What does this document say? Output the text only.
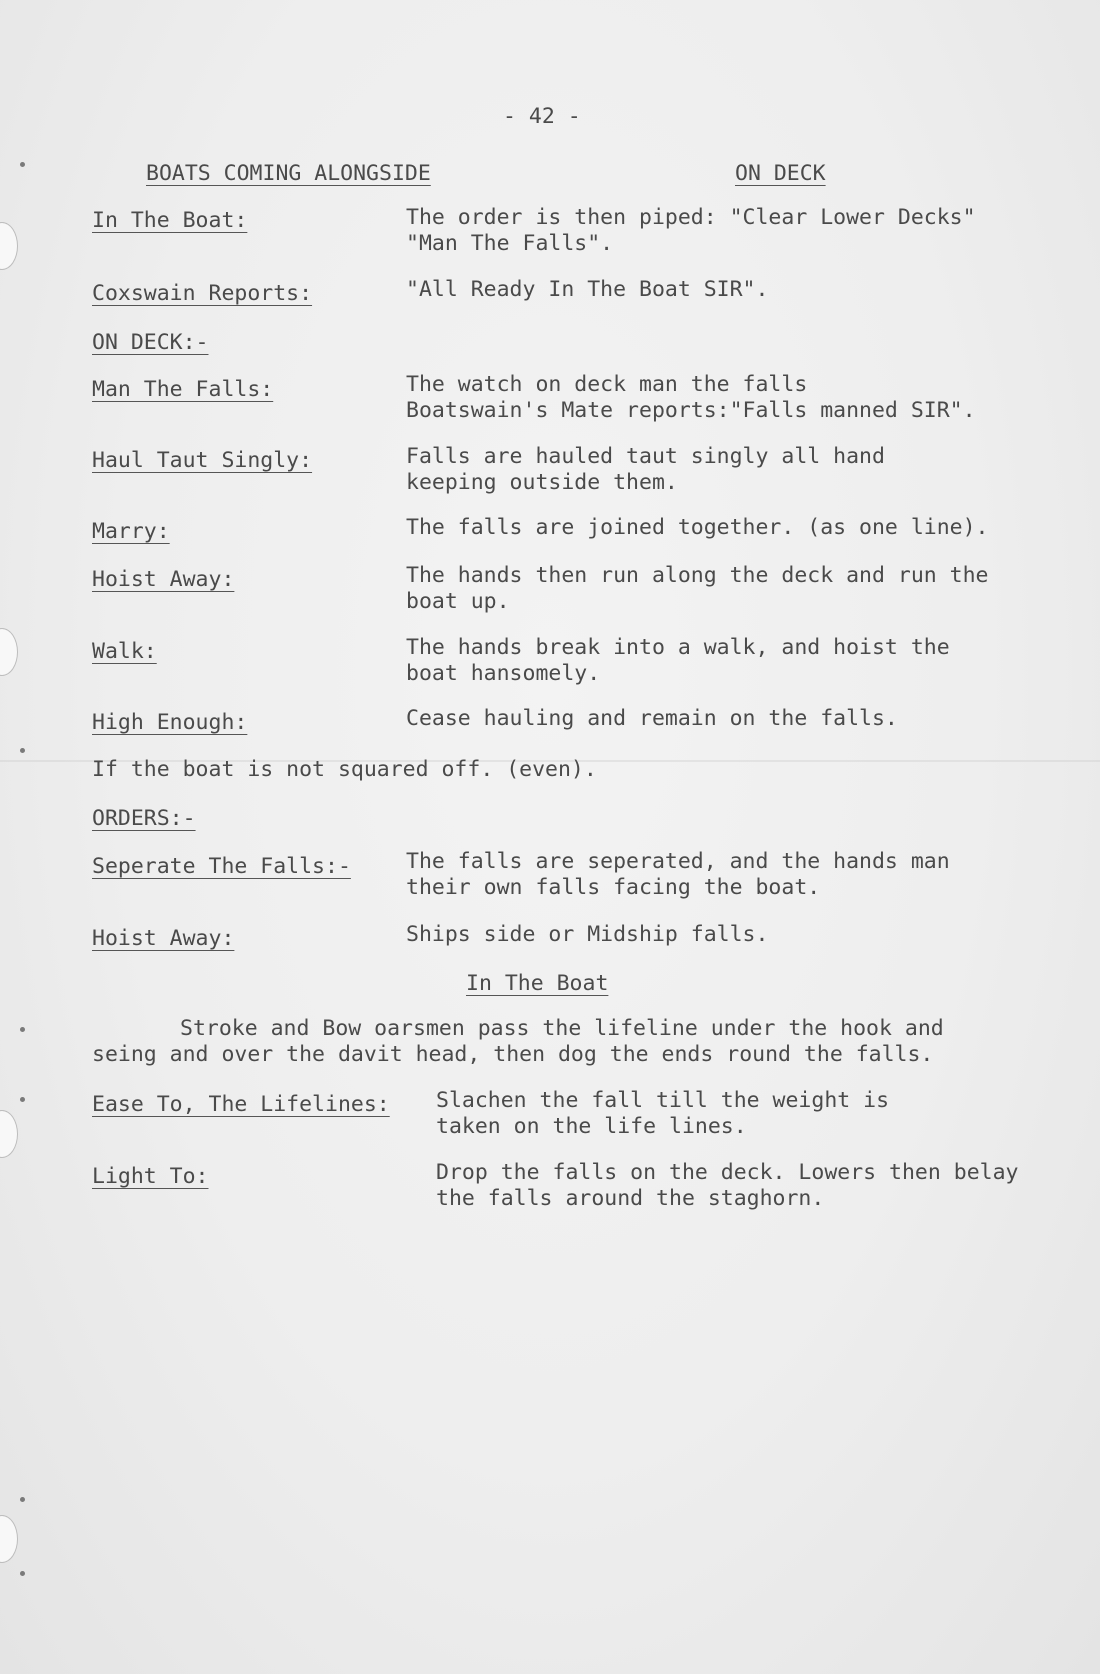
- 42 -
BOATS COMING ALONGSIDE	ON DECK
In The Boat:	The order is then piped: "Clear Lower Decks"
"Man The Falls".
Coxswain Reports:	"All Ready In The Boat SIR".
ON DECK:-
Man The Falls:	The watch on deck man the falls
Boatswain's Mate reports:"Falls manned SIR".
Haul Taut Singly:	Falls are hauled taut singly all hand
keeping outside them.
Marry:	The falls are joined together. (as one line).
Hoist Away:	The hands then run along the deck and run the
boat up.
Walk:	The hands break into a walk, and hoist the
boat hansomely.
High Enough:	Cease hauling and remain on the falls.
If the boat is not squared off. (even).
ORDERS:-
Seperate The Falls:-	The falls are seperated, and the hands man
their own falls facing the boat.
Hoist Away:	Ships side or Midship falls.
In The Boat
Stroke and Bow oarsmen pass the lifeline under the hook and
seing and over the davit head, then dog the ends round the falls.
Ease To, The Lifelines: Slachen the fall till the weight is
taken on the life lines.
Light To:	Drop the falls on the deck. Lowers then belay
the falls around the staghorn.
